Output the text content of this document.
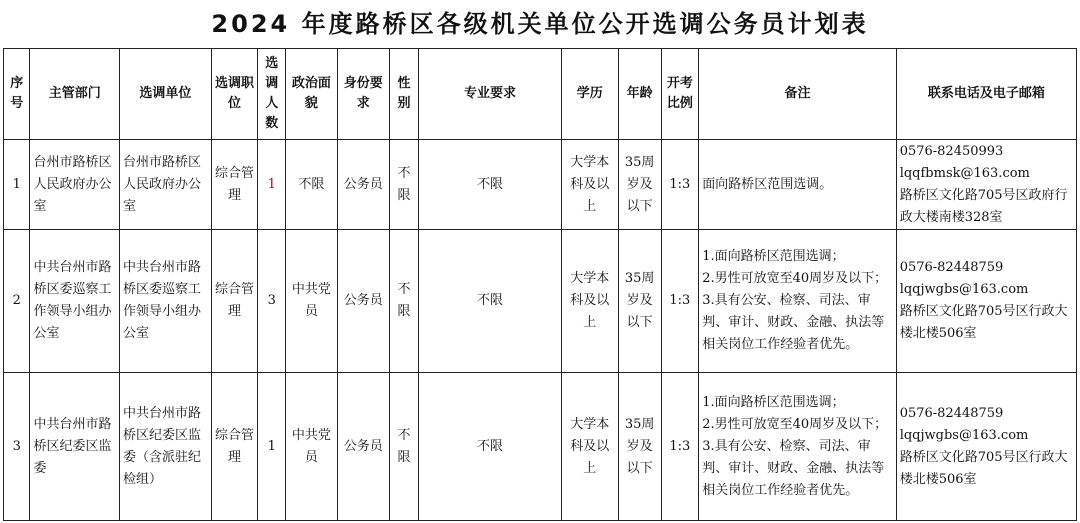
2024 年度路桥区各级机关单位公开选调公务员计划表
序号	主管部门	选调单位	选调职位	选调人数	政治面貌	身份要求	性别	专业要求	学历	年龄	开考比例	备注	联系电话及电子邮箱
1	台州市路桥区人民政府办公室	台州市路桥区人民政府办公室	综合管理	1	不限	公务员	不限	不限	大学本科及以上	35周岁及以下	1:3	面向路桥区范围选调。	0576-82450993
lqqfbmsk@163.com
路桥区文化路705号区政府行政大楼南楼328室

2	中共台州市路桥区委巡察工作领导小组办公室	中共台州市路桥区委巡察工作领导小组办公室	综合管理	3	中共党员	公务员	不限	不限	大学本科及以上	35周岁及以下	1:3	1.面向路桥区范围选调；
2.男性可放宽至40周岁及以下；
3.具有公安、检察、司法、审判、审计、财政、金融、执法等相关岗位工作经验者优先。	0576-82448759
lqqjwgbs@163.com
路桥区文化路705号区行政大楼北楼506室

3	中共台州市路桥区纪委区监委	中共台州市路桥区纪委区监委（含派驻纪检组）	综合管理	1	中共党员	公务员	不限	不限	大学本科及以上	35周岁及以下	1:3	1.面向路桥区范围选调；
2.男性可放宽至40周岁及以下；
3.具有公安、检察、司法、审判、审计、财政、金融、执法等相关岗位工作经验者优先。	0576-82448759
lqqjwgbs@163.com
路桥区文化路705号区行政大楼北楼506室
